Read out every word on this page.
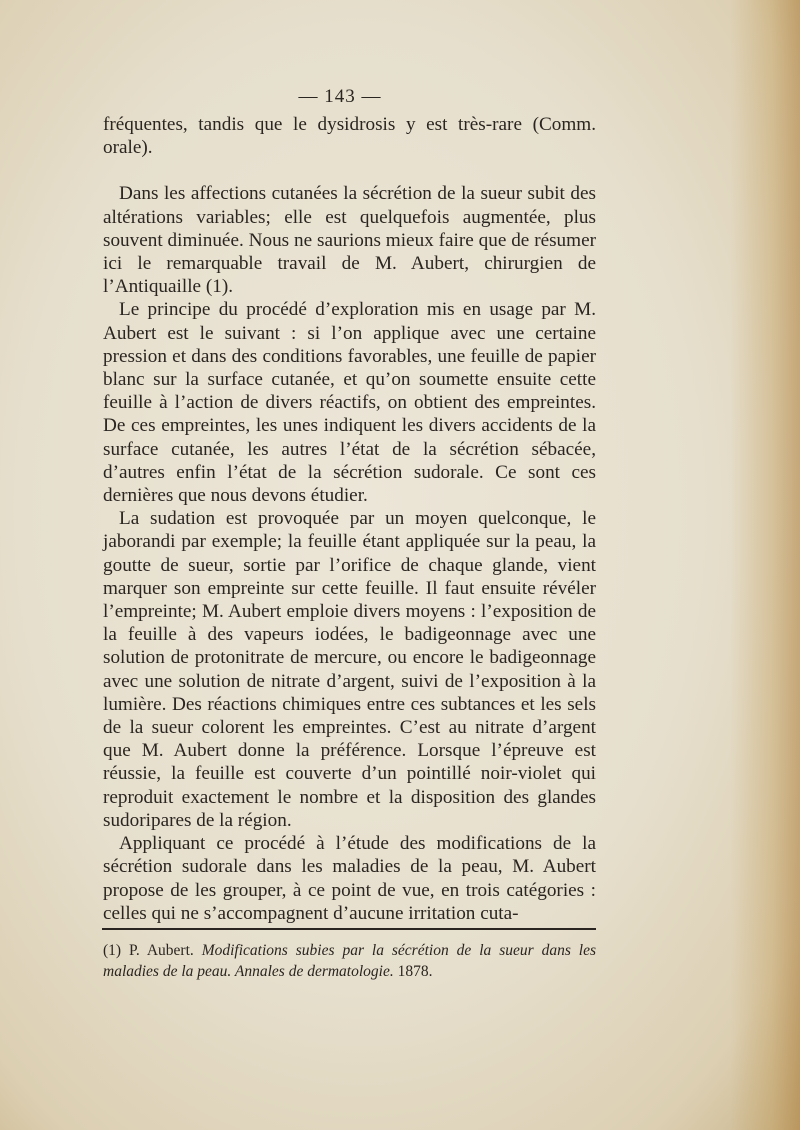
— 143 —

fréquentes, tandis que le dysidrosis y est très-rare (Comm. orale).

Dans les affections cutanées la sécrétion de la sueur subit des altérations variables; elle est quelquefois augmentée, plus souvent diminuée. Nous ne saurions mieux faire que de résumer ici le remarquable travail de M. Aubert, chirurgien de l’Antiquaille (1).

Le principe du procédé d’exploration mis en usage par M. Aubert est le suivant : si l’on applique avec une certaine pression et dans des conditions favorables, une feuille de papier blanc sur la surface cutanée, et qu’on soumette ensuite cette feuille à l’action de divers réactifs, on obtient des empreintes. De ces empreintes, les unes indiquent les divers accidents de la surface cutanée, les autres l’état de la sécrétion sébacée, d’autres enfin l’état de la sécrétion sudorale. Ce sont ces dernières que nous devons étudier.

La sudation est provoquée par un moyen quelconque, le jaborandi par exemple; la feuille étant appliquée sur la peau, la goutte de sueur, sortie par l’orifice de chaque glande, vient marquer son empreinte sur cette feuille. Il faut ensuite révéler l’empreinte; M. Aubert emploie divers moyens : l’exposition de la feuille à des vapeurs iodées, le badigeonnage avec une solution de protonitrate de mercure, ou encore le badigeonnage avec une solution de nitrate d’argent, suivi de l’exposition à la lumière. Des réactions chimiques entre ces subtances et les sels de la sueur colorent les empreintes. C’est au nitrate d’argent que M. Aubert donne la préférence. Lorsque l’épreuve est réussie, la feuille est couverte d’un pointillé noir-violet qui reproduit exactement le nombre et la disposition des glandes sudoripares de la région.

Appliquant ce procédé à l’étude des modifications de la sécrétion sudorale dans les maladies de la peau, M. Aubert propose de les grouper, à ce point de vue, en trois catégories : celles qui ne s’accompagnent d’aucune irritation cuta-

(1) P. Aubert. Modifications subies par la sécrétion de la sueur dans les maladies de la peau. Annales de dermatologie. 1878.
